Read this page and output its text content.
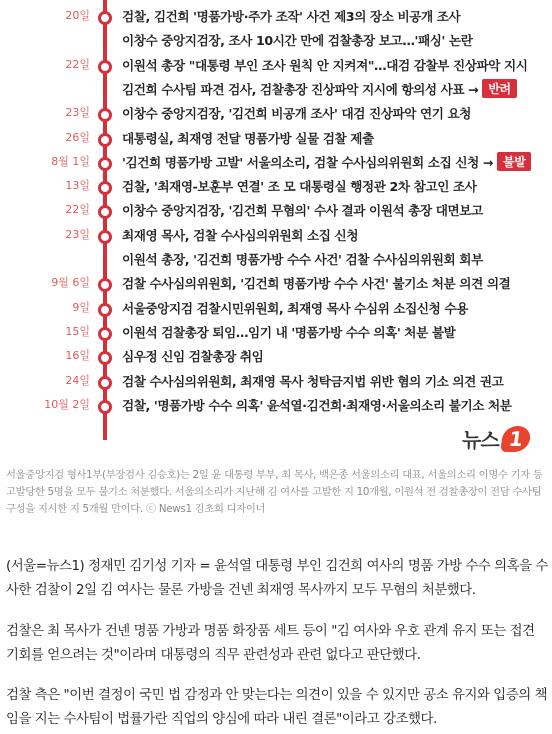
20일	검찰, 김건희 '명품가방·주가 조작' 사건 제3의 장소 비공개 조사
이창수 중앙지검장, 조사 10시간 만에 검찰총장 보고…'패싱' 논란
22일	이원석 총장 "대통령 부인 조사 원칙 안 지켜져"…대검 감찰부 진상파악 지시
김건희 수사팀 파견 검사, 검찰총장 진상파악 지시에 항의성 사표 → 반려
23일	이창수 중앙지검장, '김건희 비공개 조사' 대검 진상파악 연기 요청
26일	대통령실, 최재영 전달 명품가방 실물 검찰 제출
8월 1일	'김건희 명품가방 고발' 서울의소리, 검찰 수사심의위원회 소집 신청 → 불발
13일	검찰, '최재영-보훈부 연결' 조 모 대통령실 행정관 2차 참고인 조사
22일	이창수 중앙지검장, '김건희 무혐의' 수사 결과 이원석 총장 대면보고
23일	최재영 목사, 검찰 수사심의위원회 소집 신청
이원석 총장, '김건희 명품가방 수수 사건' 검찰 수사심의위원회 회부
9월 6일	검찰 수사심의위원회, '김건희 명품가방 수수 사건' 불기소 처분 의견 의결
9일	서울중앙지검 검찰시민위원회, 최재영 목사 수심위 소집신청 수용
15일	이원석 검찰총장 퇴임…임기 내 '명품가방 수수 의혹' 처분 불발
16일	심우정 신임 검찰총장 취임
24일	검찰 수사심의위원회, 최재영 목사 청탁금지법 위반 혐의 기소 의견 권고
10월 2일	검찰, '명품가방 수수 의혹' 윤석열·김건희·최재영·서울의소리 불기소 처분
뉴스 1
서울중앙지검 형사1부(부장검사 김승호)는 2일 윤 대통령 부부, 최 목사, 백은종 서울의소리 대표, 서울의소리 이명수 기자 등 고발당한 5명을 모두 불기소 처분했다. 서울의소리가 지난해 김 여사를 고발한 지 10개월, 이원석 전 검찰총장이 전담 수사팀 구성을 지시한 지 5개월 만이다. ⓒ News1 김초희 디자이너

(서울=뉴스1) 정재민 김기성 기자 = 윤석열 대통령 부인 김건희 여사의 명품 가방 수수 의혹을 수사한 검찰이 2일 김 여사는 물론 가방을 건넨 최재영 목사까지 모두 무혐의 처분했다.

검찰은 최 목사가 건넨 명품 가방과 명품 화장품 세트 등이 "김 여사와 우호 관계 유지 또는 접견 기회를 얻으려는 것"이라며 대통령의 직무 관련성과 관련 없다고 판단했다.

검찰 측은 "이번 결정이 국민 법 감정과 안 맞는다는 의견이 있을 수 있지만 공소 유지와 입증의 책임을 지는 수사팀이 법률가란 직업의 양심에 따라 내린 결론"이라고 강조했다.
